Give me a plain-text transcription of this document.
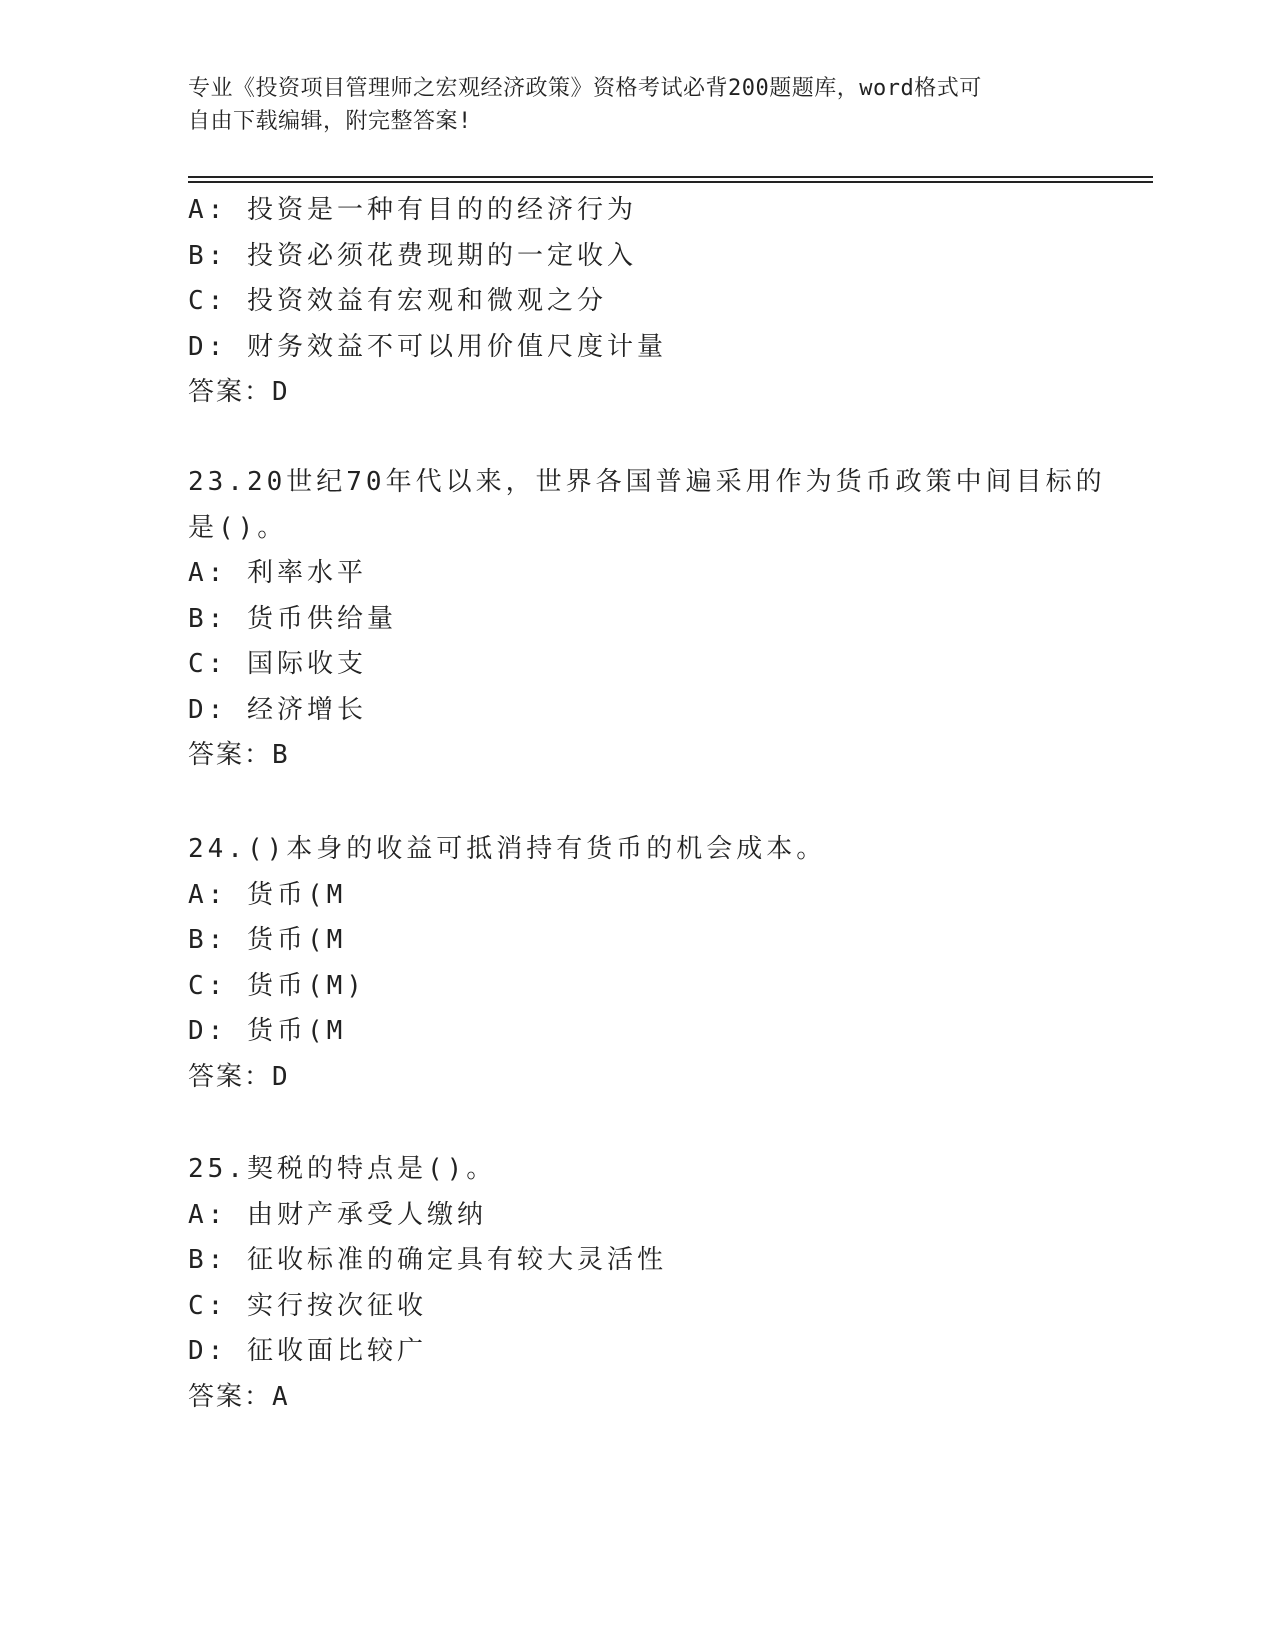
专业《投资项目管理师之宏观经济政策》资格考试必背200题题库，word格式可
自由下载编辑，附完整答案!
A: 投资是一种有目的的经济行为
B: 投资必须花费现期的一定收入
C: 投资效益有宏观和微观之分
D: 财务效益不可以用价值尺度计量
答案：D
23.20世纪70年代以来，世界各国普遍采用作为货币政策中间目标的
是()。
A: 利率水平
B: 货币供给量
C: 国际收支
D: 经济增长
答案：B
24.()本身的收益可抵消持有货币的机会成本。
A: 货币(M
B: 货币(M
C: 货币(M)
D: 货币(M
答案：D
25.契税的特点是()。
A: 由财产承受人缴纳
B: 征收标准的确定具有较大灵活性
C: 实行按次征收
D: 征收面比较广
答案：A
